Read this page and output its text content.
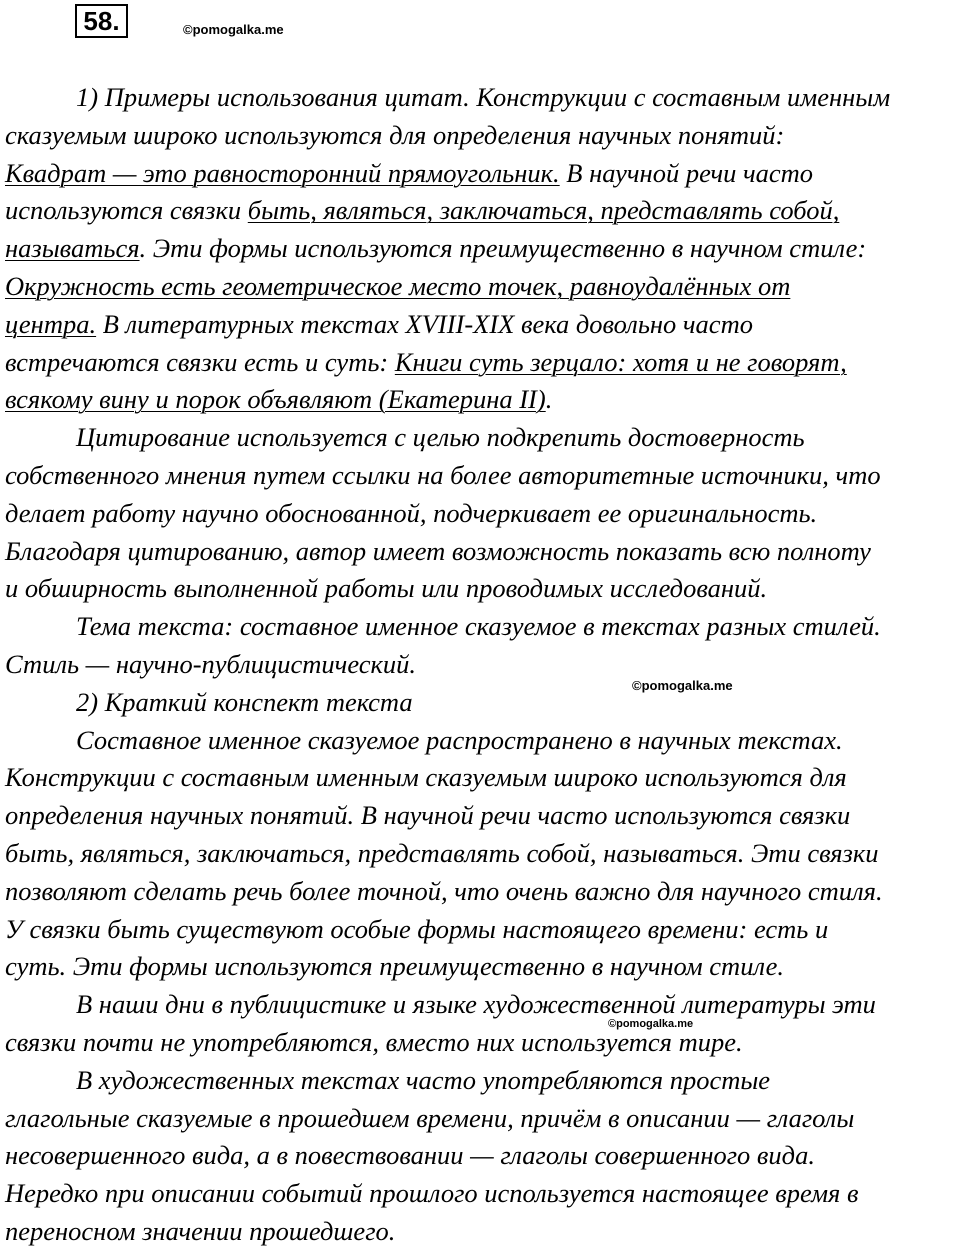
58.	©pomogalka.me
1) Примеры использования цитат. Конструкции с составным именным
сказуемым широко используются для определения научных понятий:
Квадрат — это равносторонний прямоугольник. В научной речи часто
используются связки быть, являться, заключаться, представлять собой,
называться. Эти формы используются преимущественно в научном стиле:
Окружность есть геометрическое место точек, равноудалённых от
центра. В литературных текстах XVIII-XIX века довольно часто
встречаются связки есть и суть: Книги суть зерцало: хотя и не говорят,
всякому вину и порок объявляют (Екатерина II).
Цитирование используется с целью подкрепить достоверность
собственного мнения путем ссылки на более авторитетные источники, что
делает работу научно обоснованной, подчеркивает ее оригинальность.
Благодаря цитированию, автор имеет возможность показать всю полноту
и обширность выполненной работы или проводимых исследований.
Тема текста: составное именное сказуемое в текстах разных стилей.
Стиль — научно-публицистический.
2) Краткий конспект текста
Составное именное сказуемое распространено в научных текстах.
Конструкции с составным именным сказуемым широко используются для
определения научных понятий. В научной речи часто используются связки
быть, являться, заключаться, представлять собой, называться. Эти связки
позволяют сделать речь более точной, что очень важно для научного стиля.
У связки быть существуют особые формы настоящего времени: есть и
суть. Эти формы используются преимущественно в научном стиле.
В наши дни в публицистике и языке художественной литературы эти
связки почти не употребляются, вместо них используется тире.
В художественных текстах часто употребляются простые
глагольные сказуемые в прошедшем времени, причём в описании — глаголы
несовершенного вида, а в повествовании — глаголы совершенного вида.
Нередко при описании событий прошлого используется настоящее время в
переносном значении прошедшего.
©pomogalka.me
©pomogalka.me
